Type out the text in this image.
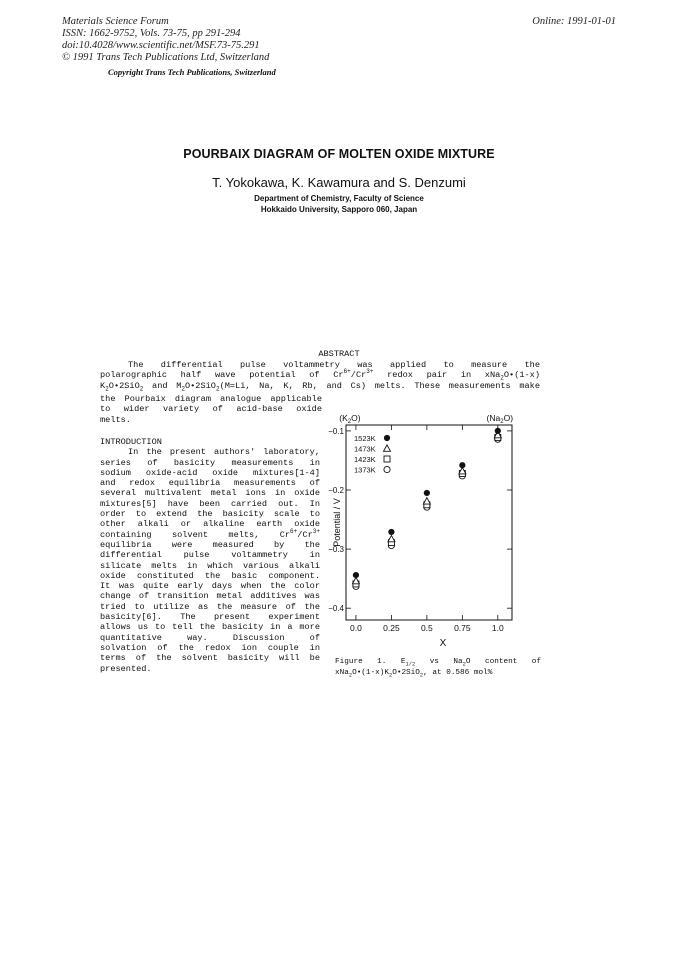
Materials Science Forum
ISSN: 1662-9752, Vols. 73-75, pp 291-294
doi:10.4028/www.scientific.net/MSF.73-75.291
© 1991 Trans Tech Publications Ltd, Switzerland
Online: 1991-01-01
Copyright Trans Tech Publications, Switzerland
POURBAIX DIAGRAM OF MOLTEN OXIDE MIXTURE
T. Yokokawa, K. Kawamura and S. Denzumi
Department of Chemistry, Faculty of Science
Hokkaido University, Sapporo 060, Japan
ABSTRACT
The differential pulse voltammetry was applied to measure the
polarographic half wave potential of $Cr^{6+}/Cr^{3+}$ redox pair in xNa$_2$O•(1-x)
$K_2O•2SiO_2$ and $M_2O•2SiO_2(M=Li$, Na, K, Rb, and Cs) melts. These measurements make
the Pourbaix diagram analogue applicable
to wider variety of acid-base oxide
melts.
INTRODUCTION
In the present authors' laboratory,
series of basicity measurements in
sodium oxide-acid oxide mixtures[1-4]
and redox equilibria measurements of
several multivalent metal ions in oxide
mixtures[5] have been carried out. In
order to extend the basicity scale to
other alkali or alkaline earth oxide
containing solvent melts, $Cr^{6+}/Cr^{3+}$
equilibria were measured by the
differential pulse voltammetry in
silicate melts in which various alkali
oxide constituted the basic component.
It was quite early days when the color
change of transition metal additives was
tried to utilize as the measure of the
basicity[6]. The present experiment
allows us to tell the basicity in a more
quantitative way. Discussion of
solvation of the redox ion couple in
terms of the solvent basicity will be
presented.
0.0	0.25	0.5	0.75	1.0
−0.1
−0.2
−0.3
−0.4
X
Potential / V
$(K_2O)$	$(Na_2O)$
1523K
1473K
1423K
1373K
Figure 1. $E_{1/2}$ vs $Na_2O$ content of
$xNa_2O•(1-x)K_2O•2SiO_2$, at 0.586 mol%
